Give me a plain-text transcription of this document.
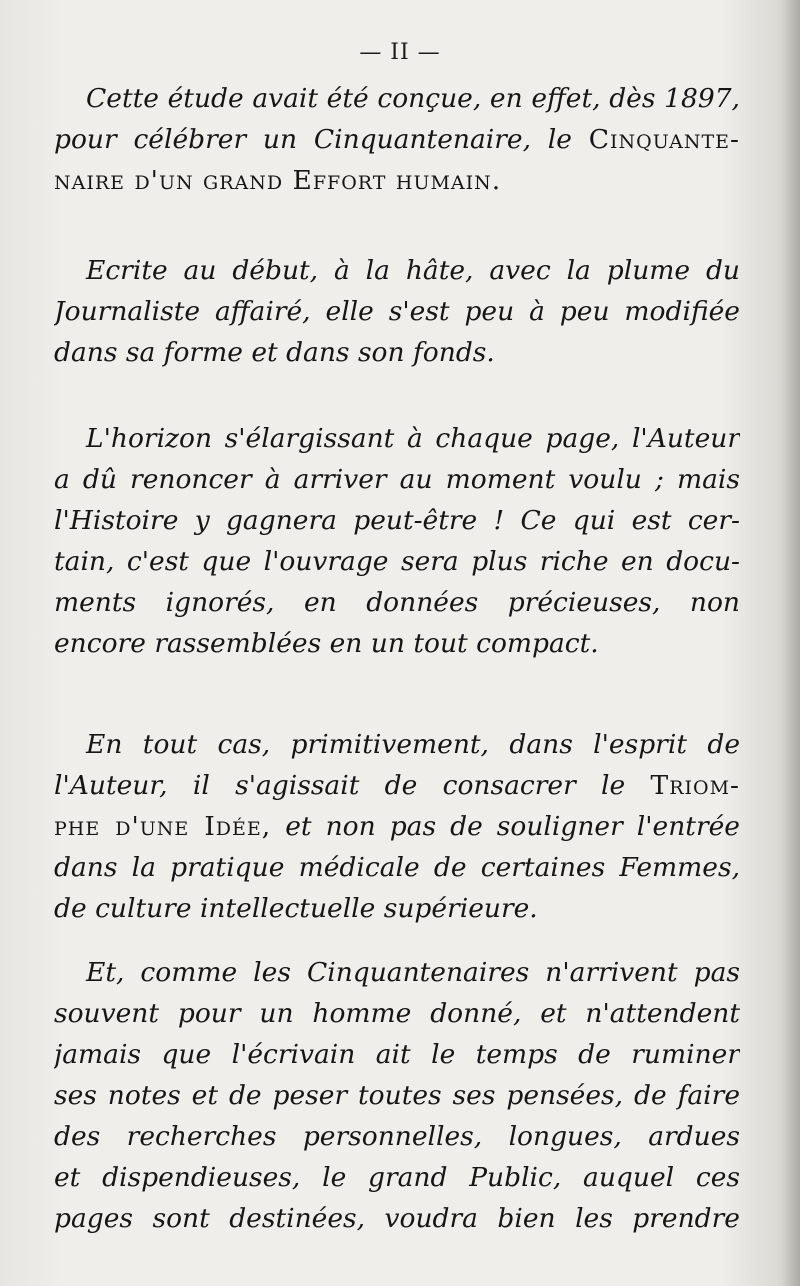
— II —
Cette étude avait été conçue, en effet, dès 1897,
pour célébrer un Cinquantenaire, le Cinquante-
naire d'un grand Effort humain.
Ecrite au début, à la hâte, avec la plume du
Journaliste affairé, elle s'est peu à peu modifiée
dans sa forme et dans son fonds.
L'horizon s'élargissant à chaque page, l'Auteur
a dû renoncer à arriver au moment voulu ; mais
l'Histoire y gagnera peut-être ! Ce qui est cer-
tain, c'est que l'ouvrage sera plus riche en docu-
ments ignorés, en données précieuses, non
encore rassemblées en un tout compact.
En tout cas, primitivement, dans l'esprit de
l'Auteur, il s'agissait de consacrer le Triom-
phe d'une Idée, et non pas de souligner l'entrée
dans la pratique médicale de certaines Femmes,
de culture intellectuelle supérieure.
Et, comme les Cinquantenaires n'arrivent pas
souvent pour un homme donné, et n'attendent
jamais que l'écrivain ait le temps de ruminer
ses notes et de peser toutes ses pensées, de faire
des recherches personnelles, longues, ardues
et dispendieuses, le grand Public, auquel ces
pages sont destinées, voudra bien les prendre
